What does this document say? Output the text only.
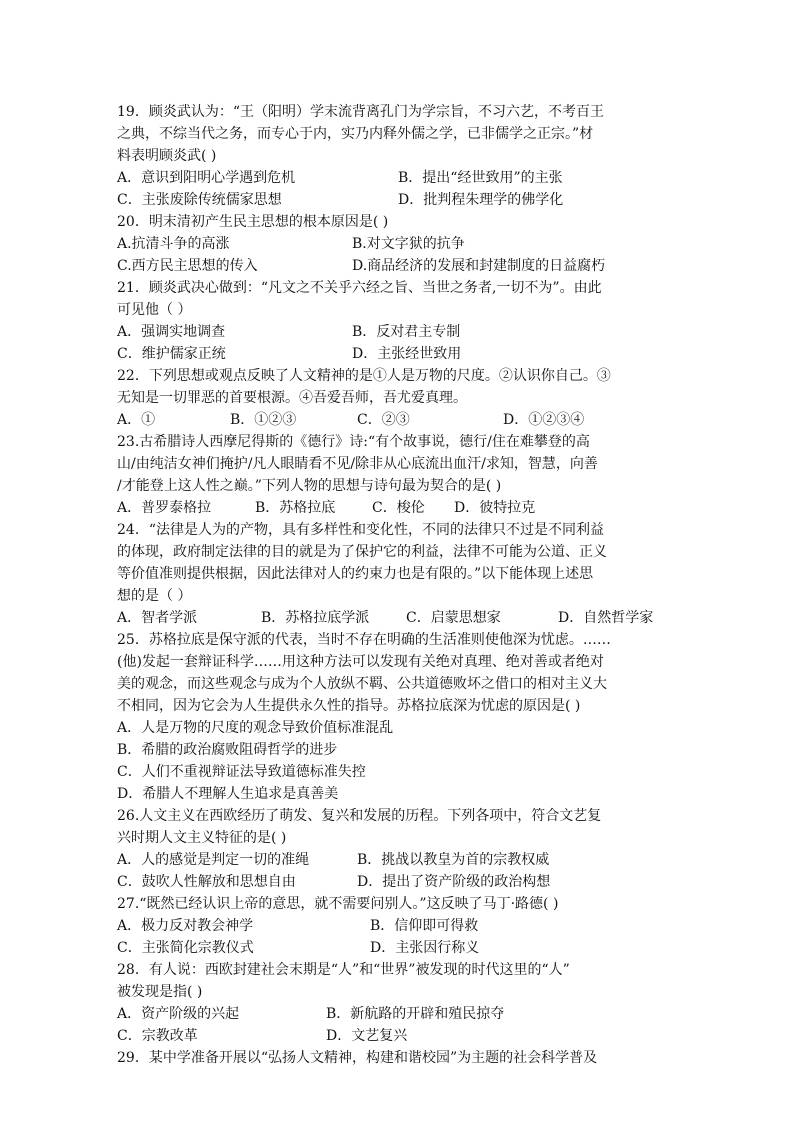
19．顾炎武认为：“王（阳明）学末流背离孔门为学宗旨，不习六艺，不考百王
之典，不综当代之务，而专心于内，实乃内释外儒之学，已非儒学之正宗。”材
料表明顾炎武( )
A．意识到阳明心学遇到危机	B．提出“经世致用”的主张
C．主张废除传统儒家思想	D．批判程朱理学的佛学化
20．明末清初产生民主思想的根本原因是( )
A.抗清斗争的高涨	B.对文字狱的抗争
C.西方民主思想的传入	D.商品经济的发展和封建制度的日益腐朽
21．顾炎武决心做到：“凡文之不关乎六经之旨、当世之务者,一切不为”。由此
可见他（ ）
A．强调实地调查	B．反对君主专制
C．维护儒家正统	D．主张经世致用
22．下列思想或观点反映了人文精神的是①人是万物的尺度。②认识你自己。③
无知是一切罪恶的首要根源。④吾爱吾师，吾尤爱真理。
A．①	B．①②③	C．②③	D．①②③④
23.古希腊诗人西摩尼得斯的《德行》诗:“有个故事说，德行/住在难攀登的高
山/由纯洁女神们掩护/凡人眼睛看不见/除非从心底流出血汗/求知，智慧，向善
/才能登上这人性之巅。”下列人物的思想与诗句最为契合的是( )
A．普罗泰格拉	B．苏格拉底	C．梭伦 D．彼特拉克
24．“法律是人为的产物，具有多样性和变化性，不同的法律只不过是不同利益
的体现，政府制定法律的目的就是为了保护它的利益，法律不可能为公道、正义
等价值准则提供根据，因此法律对人的约束力也是有限的。”以下能体现上述思
想的是（ ）
A．智者学派	B．苏格拉底学派	C．启蒙思想家	D．自然哲学家
25．苏格拉底是保守派的代表，当时不存在明确的生活准则使他深为忧虑。……
(他)发起一套辩证科学……用这种方法可以发现有关绝对真理、绝对善或者绝对
美的观念，而这些观念与成为个人放纵不羁、公共道德败坏之借口的相对主义大
不相同，因为它会为人生提供永久性的指导。苏格拉底深为忧虑的原因是( )
A．人是万物的尺度的观念导致价值标准混乱
B．希腊的政治腐败阻碍哲学的进步
C．人们不重视辩证法导致道德标准失控
D．希腊人不理解人生追求是真善美
26.人文主义在西欧经历了萌发、复兴和发展的历程。下列各项中，符合文艺复
兴时期人文主义特征的是( )
A．人的感觉是判定一切的准绳	B．挑战以教皇为首的宗教权威
C．鼓吹人性解放和思想自由	D．提出了资产阶级的政治构想
27.“既然已经认识上帝的意思，就不需要问别人。”这反映了马丁·路德( )
A．极力反对教会神学	B．信仰即可得救
C．主张简化宗教仪式	D．主张因行称义
28．有人说：西欧封建社会末期是“人”和“世界”被发现的时代这里的“人”
被发现是指( )
A．资产阶级的兴起	B．新航路的开辟和殖民掠夺
C．宗教改革	D．文艺复兴
29．某中学准备开展以“弘扬人文精神，构建和谐校园”为主题的社会科学普及
